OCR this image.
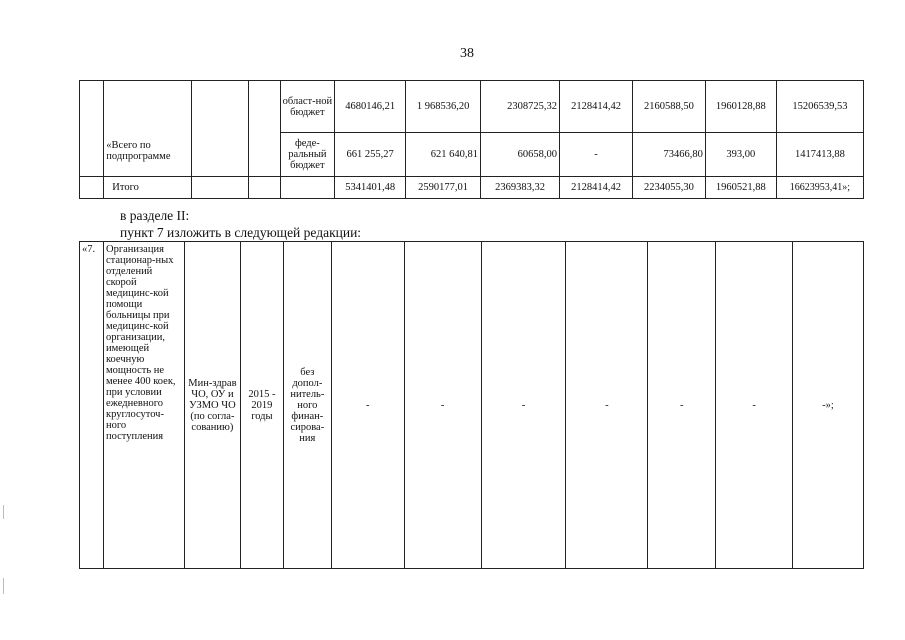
38
	«Всего по подпрограмме			област-ной бюджет	4680146,21	1 968536,20	2308725,32	2128414,42	2160588,50	1960128,88	15206539,53
				феде-ральный бюджет	661 255,27	621 640,81	60658,00	-	73466,80	393,00	1417413,88
	Итого				5341401,48	2590177,01	2369383,32	2128414,42	2234055,30	1960521,88	16623953,41»;
в разделе II:
пункт 7 изложить в следующей редакции:
«7.	Организация стационар-ных отделений скорой медицинс-кой помощи больницы при медицинс-кой организации, имеющей коечную мощность не менее 400 коек, при условии ежедневного круглосуточ-ного поступления	Мин-здрав ЧО, ОУ и УЗМО ЧО (по согла-сованию)	2015 - 2019 годы	без допол-нитель-ного финан-сирова-ния	-	-	-	-	-	-	-»;
